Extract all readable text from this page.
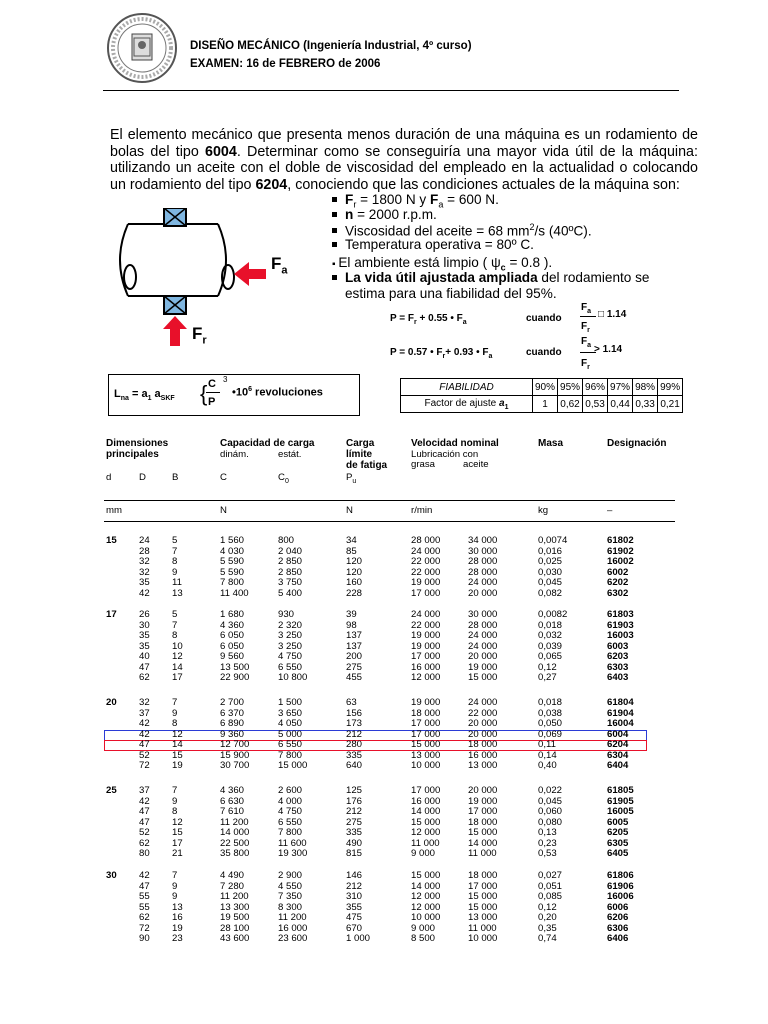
DISEÑO MECÁNICO (Ingeniería Industrial, 4º curso)
EXAMEN: 16 de FEBRERO de 2006
El elemento mecánico que presenta menos duración de una máquina es un rodamiento de bolas del tipo 6004. Determinar como se conseguiría una mayor vida útil de la máquina: utilizando un aceite con el doble de viscosidad del empleado en la actualidad o colocando un rodamiento del tipo 6204, conociendo que las condiciones actuales de la máquina son:
$F_a$
$F_r$
$F_r = 1800$ N y $F_a = 600$ N.
n = 2000 r.p.m.
Viscosidad del aceite = 68 $mm^2/s$ (40ºC).
Temperatura operativa = 80º C.
▪ El ambiente está limpio ( $\psi_c = 0.8$ ).
La vida útil ajustada ampliada del rodamiento se
estima para una fiabilidad del 95%.
$P = F_r + 0.55$ • $F_a$	cuando
$F_a$
$F_r$
□ 1.14
P = 0.57 • $F_r+ 0.93$ • $F_a$	cuando
$F_a$
$F_r$
> 1.14
$L_{na} = a_1$ $a_{SKF}$ { C
P
3
$•10^6$ revoluciones	FIABILIDAD	90%	95%	96%	97%	98%	99%
Factor de ajuste $a_1$	1	0,62	0,53	0,44	0,33	0,21
Dimensiones
principales
Capacidad de carga
dinám.	estát.
Carga
límite
de fatiga
Velocidad nominal
Lubricación con
grasa	aceite
Masa	Designación
d	D	B	C	$C_0$	$P_u$
mm	N	N	r/min	kg	–
15 24 5	1 560	800	34	28 000	34 000	0,0074	61802
28 7	4 030	2 040	85	24 000	30 000	0,016	61902
32 8	5 590	2 850	120	22 000	28 000	0,025	16002
32 9	5 590	2 850	120	22 000	28 000	0,030	6002
35 11	7 800	3 750	160	19 000	24 000	0,045	6202
42 13	11 400	5 400	228	17 000	20 000	0,082	6302
17 26 5	1 680	930	39	24 000	30 000	0,0082	61803
30 7	4 360	2 320	98	22 000	28 000	0,018	61903
35 8	6 050	3 250	137	19 000	24 000	0,032	16003
35 10	6 050	3 250	137	19 000	24 000	0,039	6003
40 12	9 560	4 750	200	17 000	20 000	0,065	6203
47 14	13 500	6 550	275	16 000	19 000	0,12	6303
62 17	22 900	10 800	455	12 000	15 000	0,27	6403
20 32 7	2 700	1 500	63	19 000	24 000	0,018	61804
37 9	6 370	3 650	156	18 000	22 000	0,038	61904
42 8	6 890	4 050	173	17 000	20 000	0,050	16004
42 12	9 360	5 000	212	17 000	20 000	0,069	6004
47 14	12 700	6 550	280	15 000	18 000	0,11	6204
52 15	15 900	7 800	335	13 000	16 000	0,14	6304
72 19	30 700	15 000	640	10 000	13 000	0,40	6404
25 37 7	4 360	2 600	125	17 000	20 000	0,022	61805
42 9	6 630	4 000	176	16 000	19 000	0,045	61905
47 8	7 610	4 750	212	14 000	17 000	0,060	16005
47 12	11 200	6 550	275	15 000	18 000	0,080	6005
52 15	14 000	7 800	335	12 000	15 000	0,13	6205
62 17	22 500	11 600	490	11 000	14 000	0,23	6305
80 21	35 800	19 300	815	9 000	11 000	0,53	6405
30 42 7	4 490	2 900	146	15 000	18 000	0,027	61806
47 9	7 280	4 550	212	14 000	17 000	0,051	61906
55 9	11 200	7 350	310	12 000	15 000	0,085	16006
55 13	13 300	8 300	355	12 000	15 000	0,12	6006
62 16	19 500	11 200	475	10 000	13 000	0,20	6206
72 19	28 100	16 000	670	9 000	11 000	0,35	6306
90 23	43 600	23 600	1 000	8 500	10 000	0,74	6406
